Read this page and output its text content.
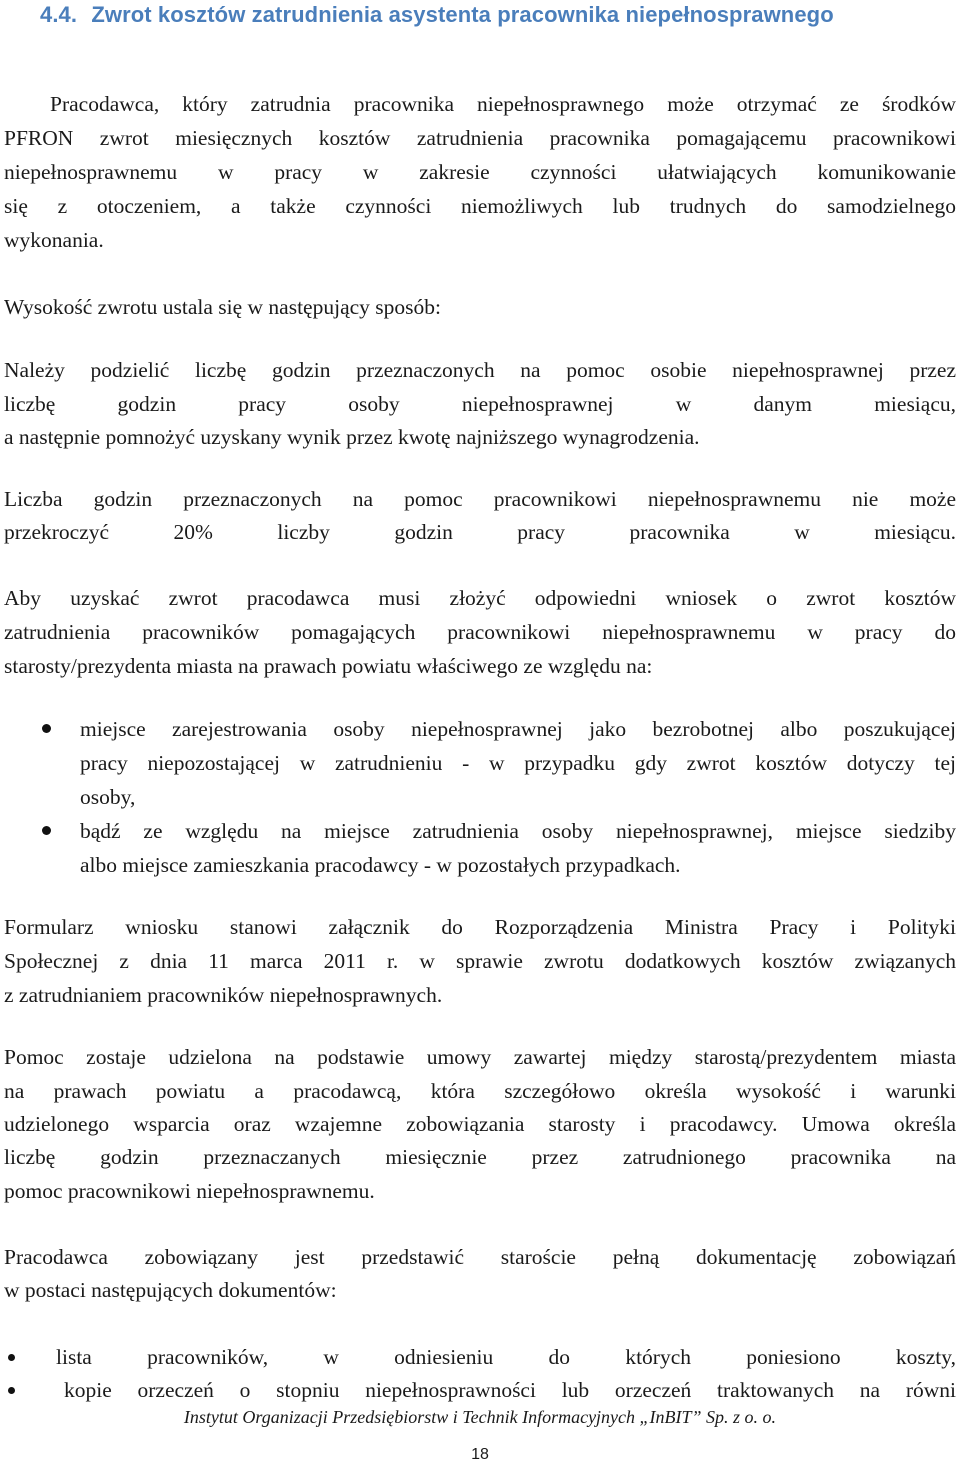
4.4. Zwrot kosztów zatrudnienia asystenta pracownika niepełnosprawnego
Pracodawca, który zatrudnia pracownika niepełnosprawnego może otrzymać ze środków
PFRON zwrot miesięcznych kosztów zatrudnienia pracownika pomagającemu pracownikowi
niepełnosprawnemu w pracy w zakresie czynności ułatwiających komunikowanie
się z otoczeniem, a także czynności niemożliwych lub trudnych do samodzielnego
wykonania.
Wysokość zwrotu ustala się w następujący sposób:
Należy podzielić liczbę godzin przeznaczonych na pomoc osobie niepełnosprawnej przez
liczbę godzin pracy osoby niepełnosprawnej w danym miesiącu,
a następnie pomnożyć uzyskany wynik przez kwotę najniższego wynagrodzenia.
Liczba godzin przeznaczonych na pomoc pracownikowi niepełnosprawnemu nie może
przekroczyć 20% liczby godzin pracy pracownika w miesiącu.
Aby uzyskać zwrot pracodawca musi złożyć odpowiedni wniosek o zwrot kosztów
zatrudnienia pracowników pomagających pracownikowi niepełnosprawnemu w pracy do
starosty/prezydenta miasta na prawach powiatu właściwego ze względu na:
miejsce zarejestrowania osoby niepełnosprawnej jako bezrobotnej albo poszukującej
pracy niepozostającej w zatrudnieniu - w przypadku gdy zwrot kosztów dotyczy tej
osoby,
bądź ze względu na miejsce zatrudnienia osoby niepełnosprawnej, miejsce siedziby
albo miejsce zamieszkania pracodawcy - w pozostałych przypadkach.
Formularz wniosku stanowi załącznik do Rozporządzenia Ministra Pracy i Polityki
Społecznej z dnia 11 marca 2011 r. w sprawie zwrotu dodatkowych kosztów związanych
z zatrudnianiem pracowników niepełnosprawnych.
Pomoc zostaje udzielona na podstawie umowy zawartej między starostą/prezydentem miasta
na prawach powiatu a pracodawcą, która szczegółowo określa wysokość i warunki
udzielonego wsparcia oraz wzajemne zobowiązania starosty i pracodawcy. Umowa określa
liczbę godzin przeznaczanych miesięcznie przez zatrudnionego pracownika na
pomoc pracownikowi niepełnosprawnemu.
Pracodawca zobowiązany jest przedstawić staroście pełną dokumentację zobowiązań
w postaci następujących dokumentów:
lista pracowników, w odniesieniu do których poniesiono koszty,
kopie orzeczeń o stopniu niepełnosprawności lub orzeczeń traktowanych na równi
Instytut Organizacji Przedsiębiorstw i Technik Informacyjnych „InBIT” Sp. z o. o.
18
